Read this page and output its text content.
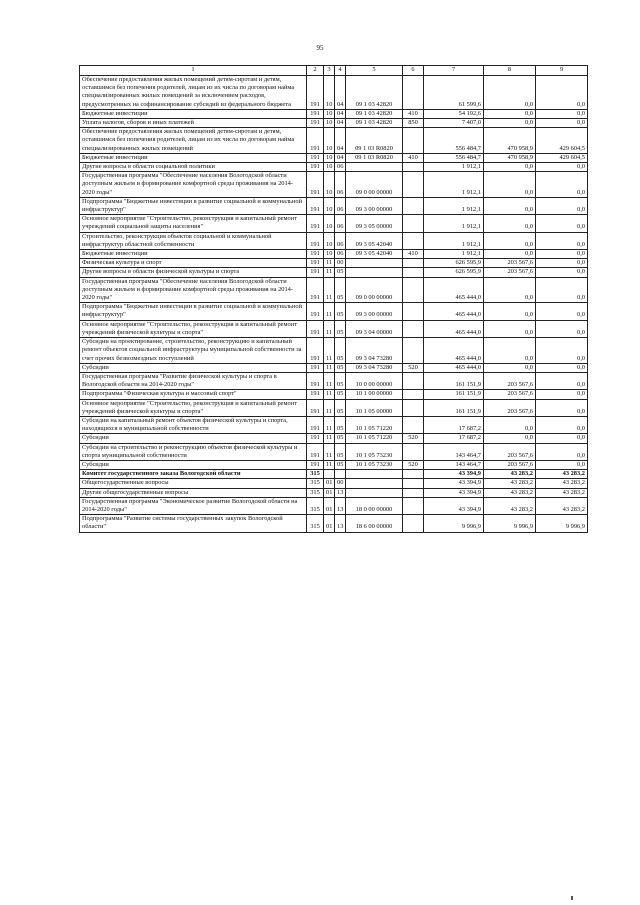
95
1	2	3	4	5	6	7	8	9
Обеспечение предоставления жилых помещений детям-сиротам и детям, оставшимся без попечения родителей, лицам из их числа по договорам найма специализированных жилых помещений за исключением расходов, предусмотренных на софинансирование субсидий из федерального бюджета	191	10	04	09 1 03 42820		61 599,6	0,0	0,0
Бюджетные инвестиции	191	10	04	09 1 03 42820	410	54 192,6	0,0	0,0
Уплата налогов, сборов и иных платежей	191	10	04	09 1 03 42820	850	7 407,0	0,0	0,0
Обеспечение предоставления жилых помещений детям-сиротам и детям, оставшимся без попечения родителей, лицам из их числа по договорам найма специализированных жилых помещений	191	10	04	09 1 03 R0820		556 484,7	470 958,9	429 604,5
Бюджетные инвестиции	191	10	04	09 1 03 R0820	410	556 484,7	470 958,9	429 604,5
Другие вопросы в области социальной политики	191	10	06			1 912,1	0,0	0,0
Государственная программа "Обеспечение населения Вологодской области доступным жильем и формирование комфортной среды проживания на 2014-2020 годы"	191	10	06	09 0 00 00000		1 912,1	0,0	0,0
Подпрограмма "Бюджетные инвестиции в развитие социальной и коммунальной инфраструктур"	191	10	06	09 3 00 00000		1 912,1	0,0	0,0
Основное мероприятие "Строительство, реконструкция и капитальный ремонт учреждений социальной защиты населения"	191	10	06	09 3 05 00000		1 912,1	0,0	0,0
Строительство, реконструкция объектов социальной и коммунальной инфраструктур областной собственности	191	10	06	09 3 05 42040		1 912,1	0,0	0,0
Бюджетные инвестиции	191	10	06	09 3 05 42040	410	1 912,1	0,0	0,0
Физическая культура и спорт	191	11	00			626 595,9	203 567,6	0,0
Другие вопросы в области физической культуры и спорта	191	11	05			626 595,9	203 567,6	0,0
Государственная программа "Обеспечение населения Вологодской области доступным жильем и формирование комфортной среды проживания на 2014-2020 годы"	191	11	05	09 0 00 00000		465 444,0	0,0	0,0
Подпрограмма "Бюджетные инвестиции в развитие социальной и коммунальной инфраструктур"	191	11	05	09 3 00 00000		465 444,0	0,0	0,0
Основное мероприятие "Строительство, реконструкция и капитальный ремонт учреждений физической культуры и спорта"	191	11	05	09 3 04 00000		465 444,0	0,0	0,0
Субсидии на проектирование, строительство, реконструкцию и капитальный ремонт объектов социальной инфраструктуры муниципальной собственности за счет прочих безвозмездных поступлений	191	11	05	09 3 04 73280		465 444,0	0,0	0,0
Субсидии	191	11	05	09 3 04 73280	520	465 444,0	0,0	0,0
Государственная программа "Развитие физической культуры и спорта в Вологодской области на 2014-2020 годы"	191	11	05	10 0 00 00000		161 151,9	203 567,6	0,0
Подпрограмма "Физическая культура и массовый спорт"	191	11	05	10 1 00 00000		161 151,9	203 567,6	0,0
Основное мероприятие "Строительство, реконструкция и капитальный ремонт учреждений физической культуры и спорта"	191	11	05	10 1 05 00000		161 151,9	203 567,6	0,0
Субсидии на капитальный ремонт объектов физической культуры и спорта, находящихся в муниципальной собственности	191	11	05	10 1 05 71220		17 687,2	0,0	0,0
Субсидии	191	11	05	10 1 05 71220	520	17 687,2	0,0	0,0
Субсидии на строительство и реконструкцию объектов физической культуры и спорта муниципальной собственности	191	11	05	10 1 05 73230		143 464,7	203 567,6	0,0
Субсидии	191	11	05	10 1 05 73230	520	143 464,7	203 567,6	0,0
Комитет государственного заказа Вологодской области	315					43 394,9	43 283,2	43 283,2
Общегосударственные вопросы	315	01	00			43 394,9	43 283,2	43 283,2
Другие общегосударственные вопросы	315	01	13			43 394,9	43 283,2	43 283,2
Государственная программа "Экономическое развитие Вологодской области на 2014-2020 годы"	315	01	13	18 0 00 00000		43 394,9	43 283,2	43 283,2
Подпрограмма "Развитие системы государственных закупок Вологодской области"	315	01	13	18 6 00 00000		9 996,9	9 996,9	9 996,9
